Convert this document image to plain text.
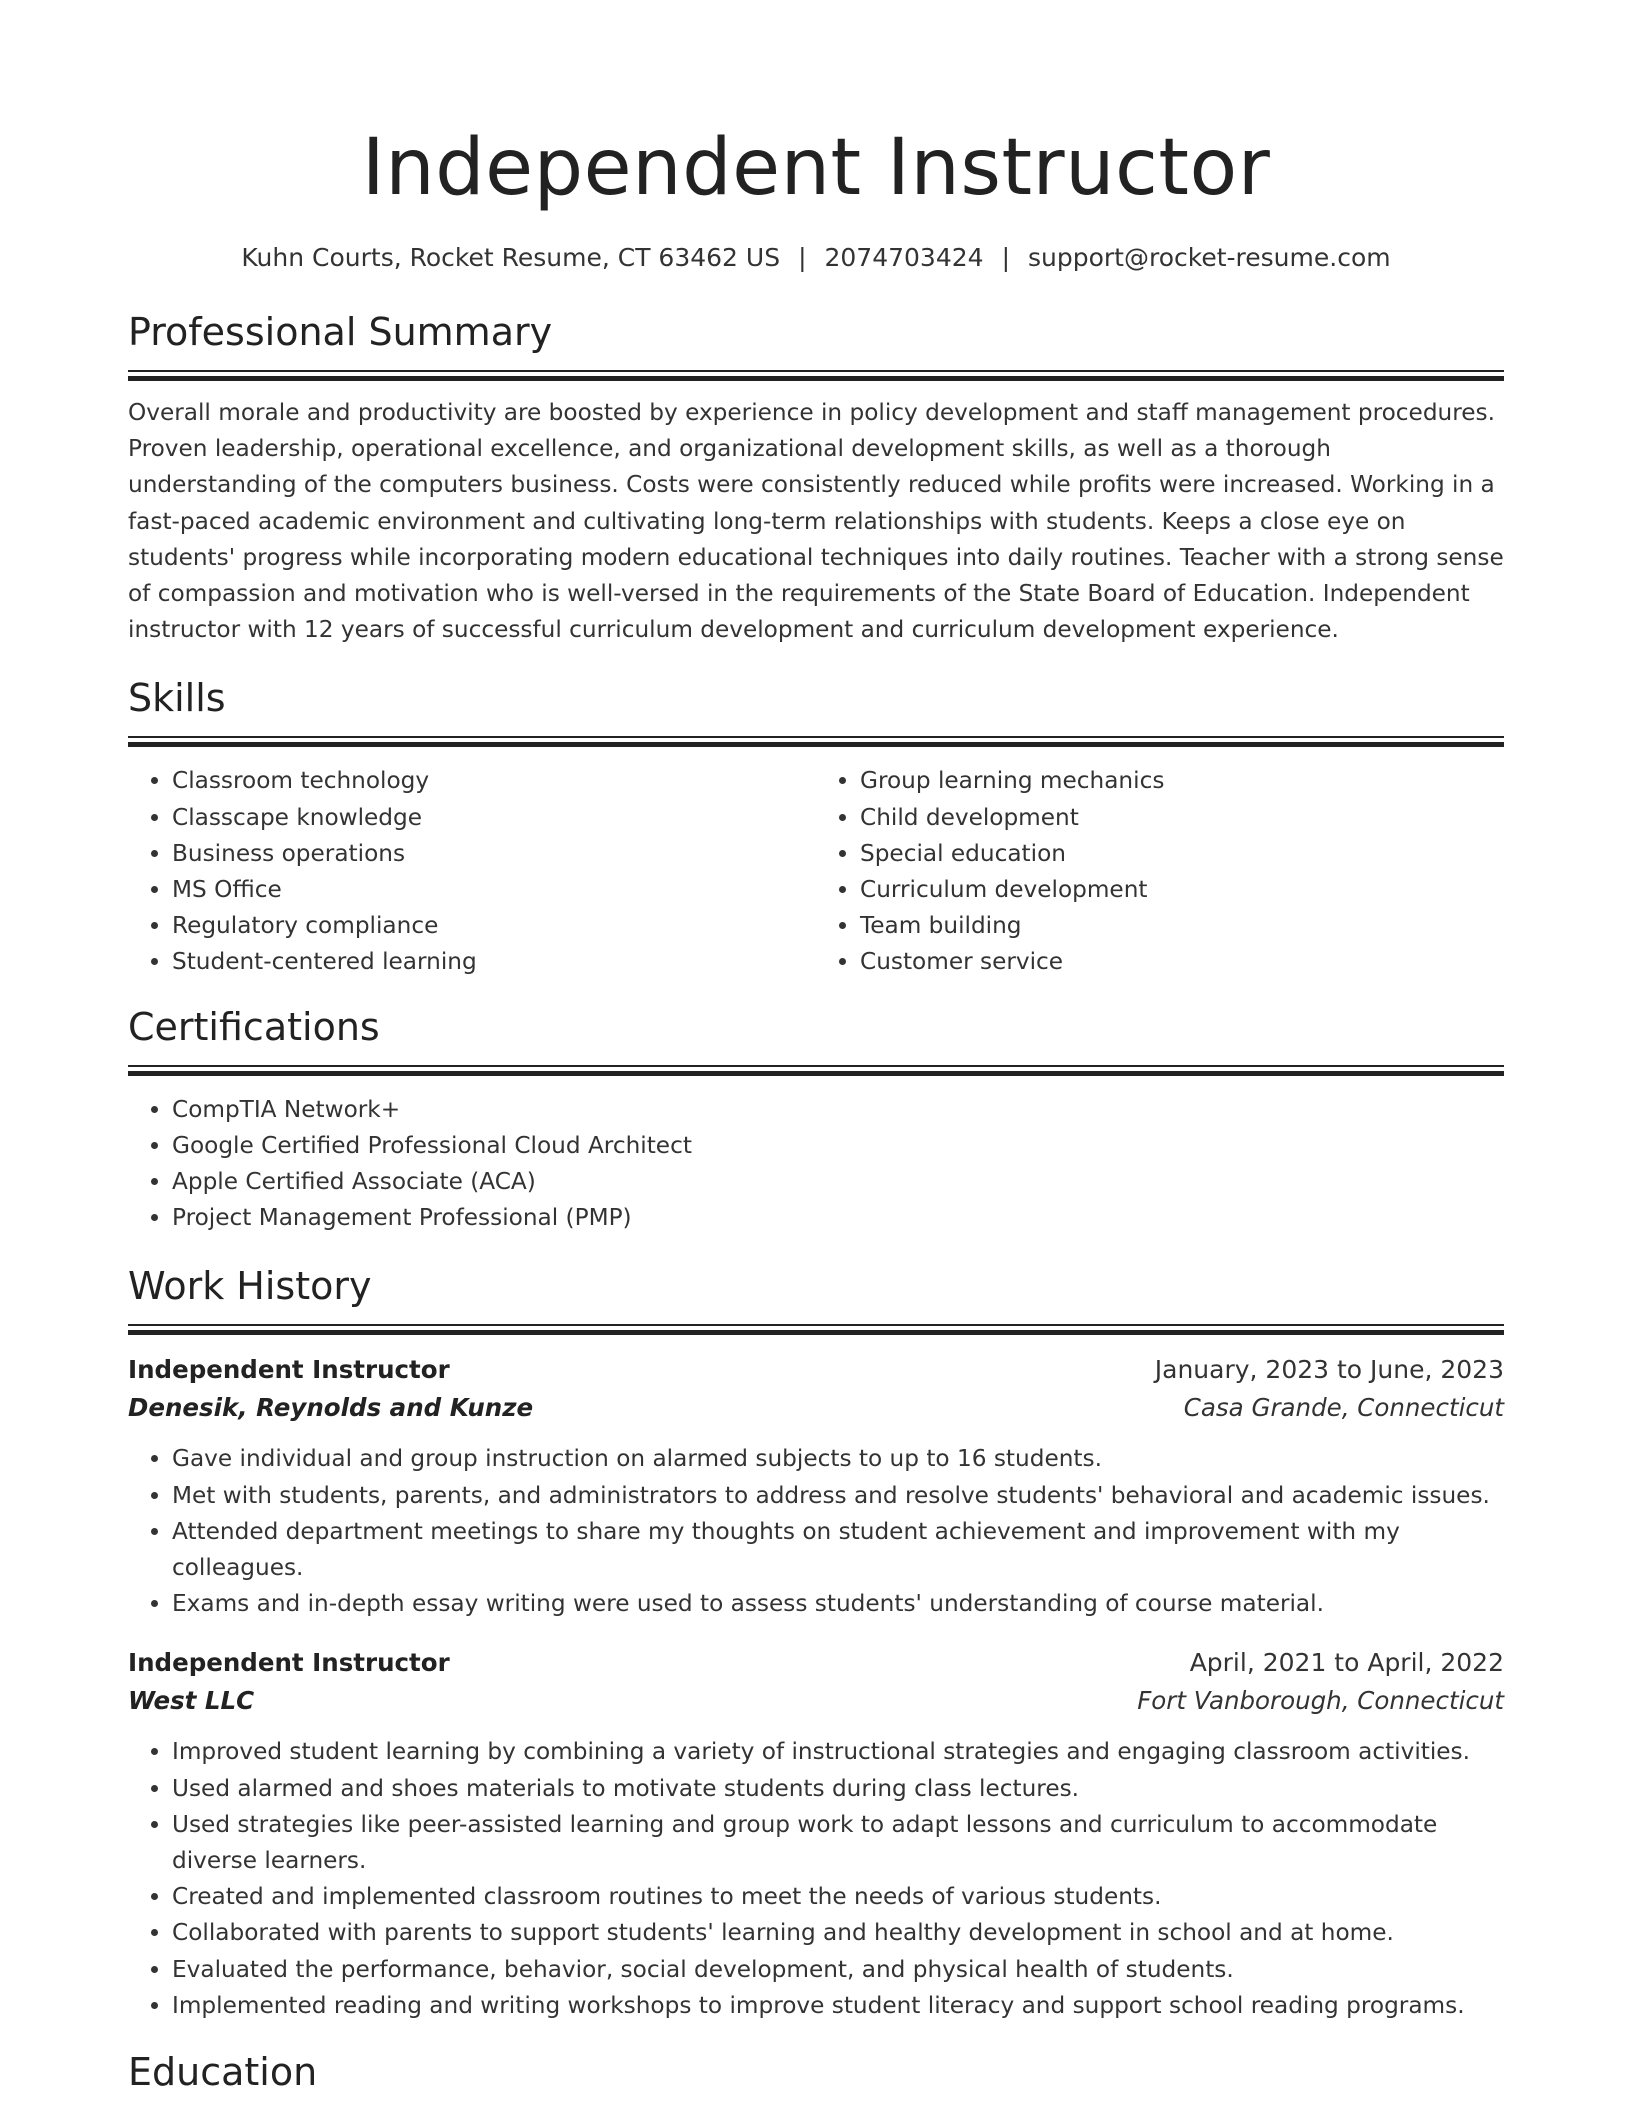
Independent Instructor
Kuhn Courts, Rocket Resume, CT 63462 US | 2074703424 | support@rocket-resume.com
Professional Summary

Overall morale and productivity are boosted by experience in policy development and staff management procedures. Proven leadership, operational excellence, and organizational development skills, as well as a thorough understanding of the computers business. Costs were consistently reduced while profits were increased. Working in a fast-paced academic environment and cultivating long-term relationships with students. Keeps a close eye on students' progress while incorporating modern educational techniques into daily routines. Teacher with a strong sense of compassion and motivation who is well-versed in the requirements of the State Board of Education. Independent instructor with 12 years of successful curriculum development and curriculum development experience.

Skills
• Classroom technology
• Classcape knowledge
• Business operations
• MS Office
• Regulatory compliance
• Student-centered learning
• Group learning mechanics
• Child development
• Special education
• Curriculum development
• Team building
• Customer service
Certifications
• CompTIA Network+
• Google Certified Professional Cloud Architect
• Apple Certified Associate (ACA)
• Project Management Professional (PMP)
Work History
Independent Instructor	January, 2023 to June, 2023
Denesik, Reynolds and Kunze	Casa Grande, Connecticut
• Gave individual and group instruction on alarmed subjects to up to 16 students.
• Met with students, parents, and administrators to address and resolve students' behavioral and academic issues.
• Attended department meetings to share my thoughts on student achievement and improvement with my colleagues.
• Exams and in-depth essay writing were used to assess students' understanding of course material.
Independent Instructor	April, 2021 to April, 2022
West LLC	Fort Vanborough, Connecticut
• Improved student learning by combining a variety of instructional strategies and engaging classroom activities.
• Used alarmed and shoes materials to motivate students during class lectures.
• Used strategies like peer-assisted learning and group work to adapt lessons and curriculum to accommodate diverse learners.
• Created and implemented classroom routines to meet the needs of various students.
• Collaborated with parents to support students' learning and healthy development in school and at home.
• Evaluated the performance, behavior, social development, and physical health of students.
• Implemented reading and writing workshops to improve student literacy and support school reading programs.
Education
